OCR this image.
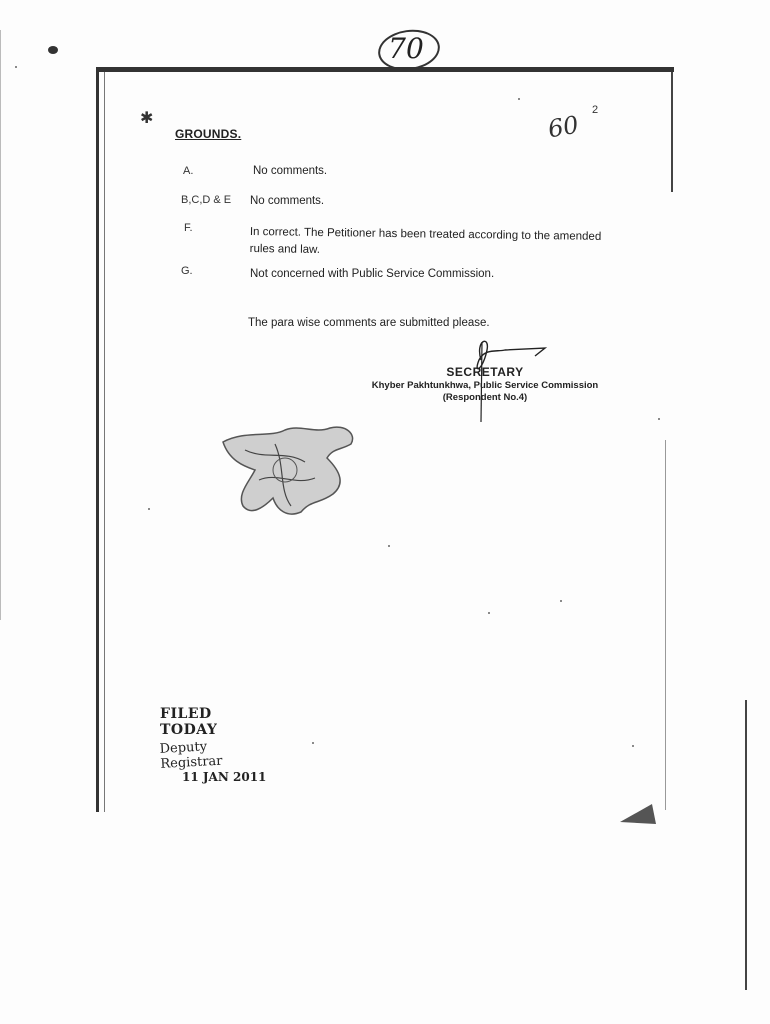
70
60
2
✱
GROUNDS.
A.	No comments.
B,C,D & E No comments.
F.	In correct. The Petitioner has been treated according to the amended rules and law.
G.	Not concerned with Public Service Commission.
The para wise comments are submitted please.
SECRETARY
Khyber Pakhtunkhwa, Public Service Commission
(Respondent No.4)
FILED TODAY
Deputy Registrar
11 JAN 2011
